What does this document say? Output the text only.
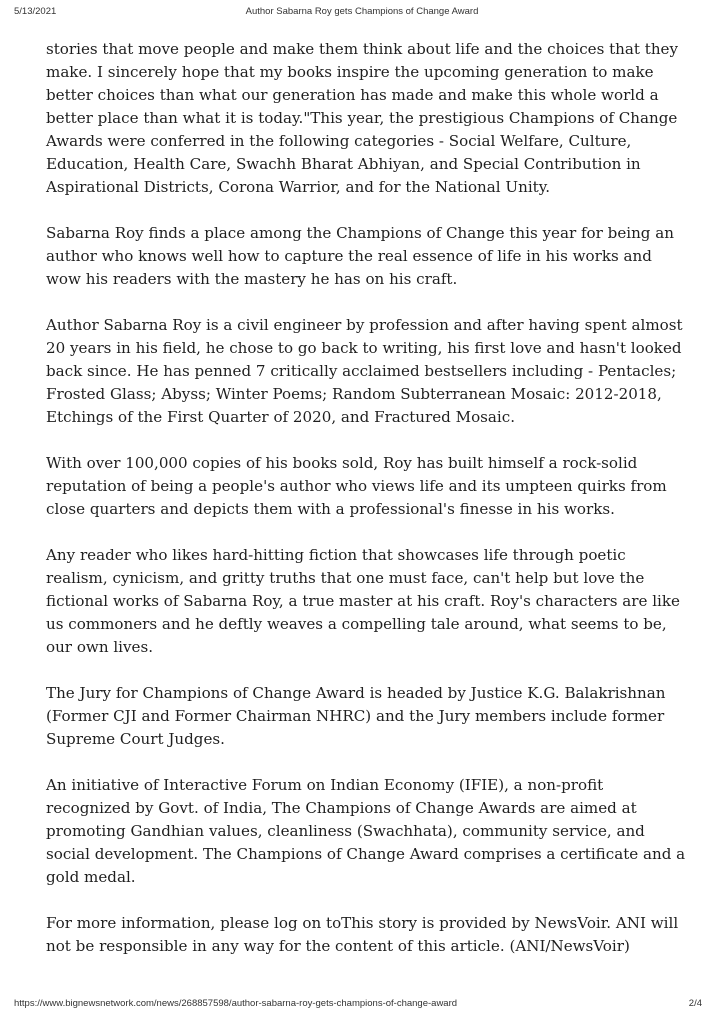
5/13/2021	Author Sabarna Roy gets Champions of Change Award

stories that move people and make them think about life and the choices that they make. I sincerely hope that my books inspire the upcoming generation to make better choices than what our generation has made and make this whole world a better place than what it is today."This year, the prestigious Champions of Change Awards were conferred in the following categories - Social Welfare, Culture, Education, Health Care, Swachh Bharat Abhiyan, and Special Contribution in Aspirational Districts, Corona Warrior, and for the National Unity.

Sabarna Roy finds a place among the Champions of Change this year for being an author who knows well how to capture the real essence of life in his works and wow his readers with the mastery he has on his craft.

Author Sabarna Roy is a civil engineer by profession and after having spent almost 20 years in his field, he chose to go back to writing, his first love and hasn't looked back since. He has penned 7 critically acclaimed bestsellers including - Pentacles; Frosted Glass; Abyss; Winter Poems; Random Subterranean Mosaic: 2012-2018, Etchings of the First Quarter of 2020, and Fractured Mosaic.

With over 100,000 copies of his books sold, Roy has built himself a rock-solid reputation of being a people's author who views life and its umpteen quirks from close quarters and depicts them with a professional's finesse in his works.

Any reader who likes hard-hitting fiction that showcases life through poetic realism, cynicism, and gritty truths that one must face, can't help but love the fictional works of Sabarna Roy, a true master at his craft. Roy's characters are like us commoners and he deftly weaves a compelling tale around, what seems to be, our own lives.

The Jury for Champions of Change Award is headed by Justice K.G. Balakrishnan (Former CJI and Former Chairman NHRC) and the Jury members include former Supreme Court Judges.

An initiative of Interactive Forum on Indian Economy (IFIE), a non-profit recognized by Govt. of India, The Champions of Change Awards are aimed at promoting Gandhian values, cleanliness (Swachhata), community service, and social development. The Champions of Change Award comprises a certificate and a gold medal.

For more information, please log on toThis story is provided by NewsVoir. ANI will not be responsible in any way for the content of this article. (ANI/NewsVoir)

https://www.bignewsnetwork.com/news/268857598/author-sabarna-roy-gets-champions-of-change-award	2/4
